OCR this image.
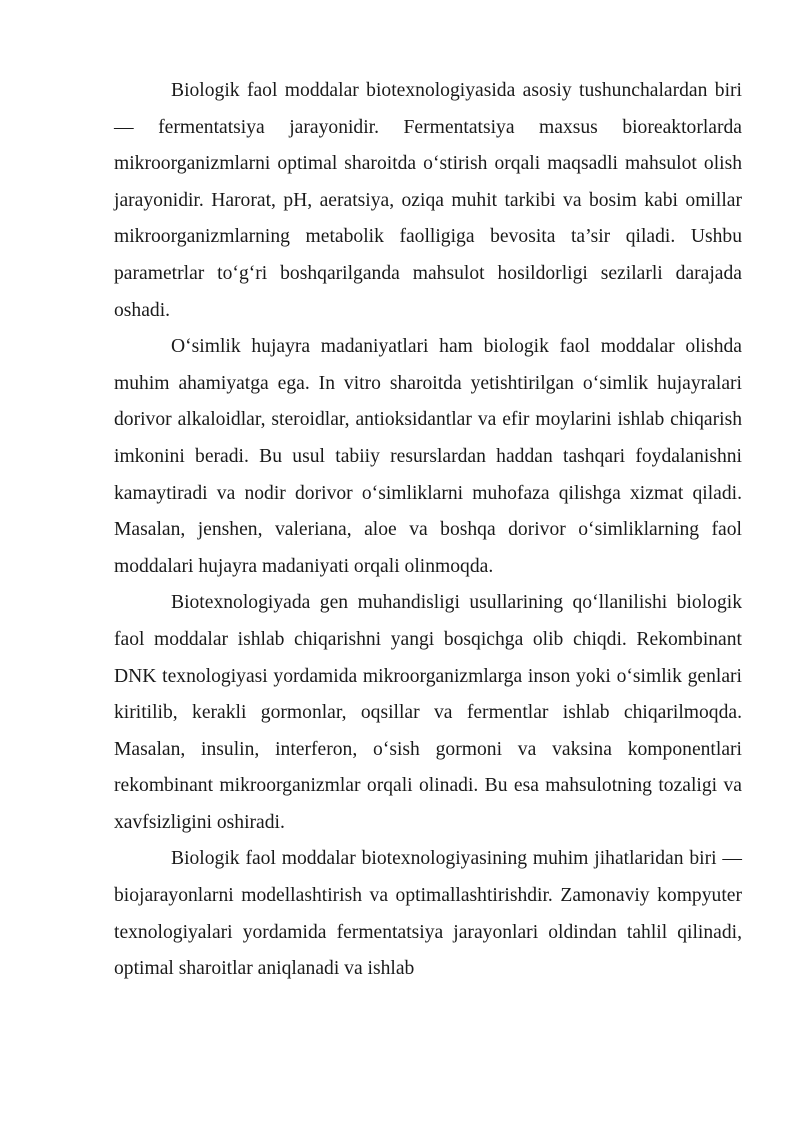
Biologik faol moddalar biotexnologiyasida asosiy tushunchalardan biri — fermentatsiya jarayonidir. Fermentatsiya maxsus bioreaktorlarda mikroorganizmlarni optimal sharoitda o‘stirish orqali maqsadli mahsulot olish jarayonidir. Harorat, pH, aeratsiya, oziqa muhit tarkibi va bosim kabi omillar mikroorganizmlarning metabolik faolligiga bevosita ta’sir qiladi. Ushbu parametrlar to‘g‘ri boshqarilganda mahsulot hosildorligi sezilarli darajada oshadi.

O‘simlik hujayra madaniyatlari ham biologik faol moddalar olishda muhim ahamiyatga ega. In vitro sharoitda yetishtirilgan o‘simlik hujayralari dorivor alkaloidlar, steroidlar, antioksidantlar va efir moylarini ishlab chiqarish imkonini beradi. Bu usul tabiiy resurslardan haddan tashqari foydalanishni kamaytiradi va nodir dorivor o‘simliklarni muhofaza qilishga xizmat qiladi. Masalan, jenshen, valeriana, aloe va boshqa dorivor o‘simliklarning faol moddalari hujayra madaniyati orqali olinmoqda.

Biotexnologiyada gen muhandisligi usullarining qo‘llanilishi biologik faol moddalar ishlab chiqarishni yangi bosqichga olib chiqdi. Rekombinant DNK texnologiyasi yordamida mikroorganizmlarga inson yoki o‘simlik genlari kiritilib, kerakli gormonlar, oqsillar va fermentlar ishlab chiqarilmoqda. Masalan, insulin, interferon, o‘sish gormoni va vaksina komponentlari rekombinant mikroorganizmlar orqali olinadi. Bu esa mahsulotning tozaligi va xavfsizligini oshiradi.

Biologik faol moddalar biotexnologiyasining muhim jihatlaridan biri — biojarayonlarni modellashtirish va optimallashtirishdir. Zamonaviy kompyuter texnologiyalari yordamida fermentatsiya jarayonlari oldindan tahlil qilinadi, optimal sharoitlar aniqlanadi va ishlab
